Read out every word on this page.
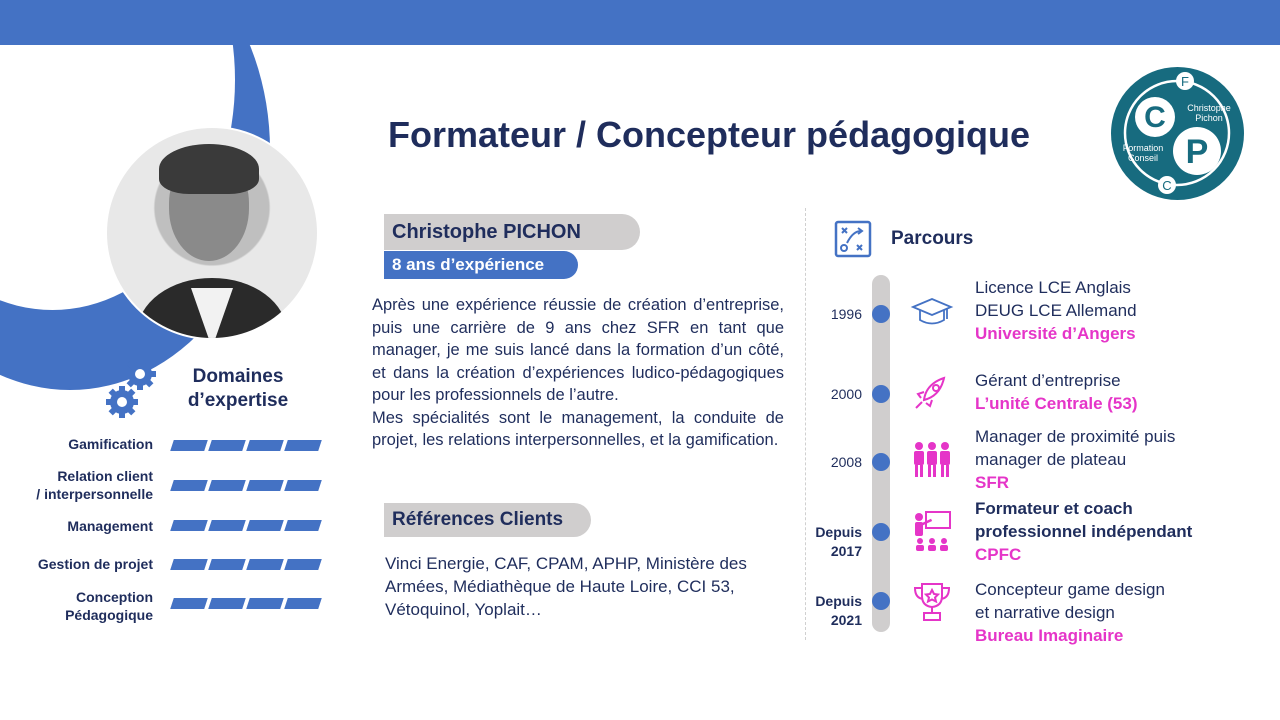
Formateur / Concepteur pédagogique	C
P
F
C
Christophe
Pichon
Formation
Conseil
Domaines
d’expertise
Gamification
Relation client
/ interpersonnelle
Management
Gestion de projet
Conception
Pédagogique
Christophe PICHON
8 ans d’expérience

Après une expérience réussie de création d’entreprise, puis une carrière de 9 ans chez SFR en tant que manager, je me suis lancé dans la formation d’un côté, et dans la création d’expériences ludico-pédagogiques pour les professionnels de l’autre.

Mes spécialités sont le management, la conduite de projet, les relations interpersonnelles, et la gamification.

Références Clients
Vinci Energie, CAF, CPAM, APHP, Ministère des Armées, Médiathèque de Haute Loire, CCI 53, Vétoquinol, Yoplait…
Parcours
1996
Licence LCE Anglais
DEUG LCE Allemand
Université d’Angers
2000
Gérant d’entreprise
L’unité Centrale (53)
2008
Manager de proximité puis
manager de plateau
SFR
Depuis
2017
Formateur et coach
professionnel indépendant
CPFC
Depuis
2021
Concepteur game design
et narrative design
Bureau Imaginaire
